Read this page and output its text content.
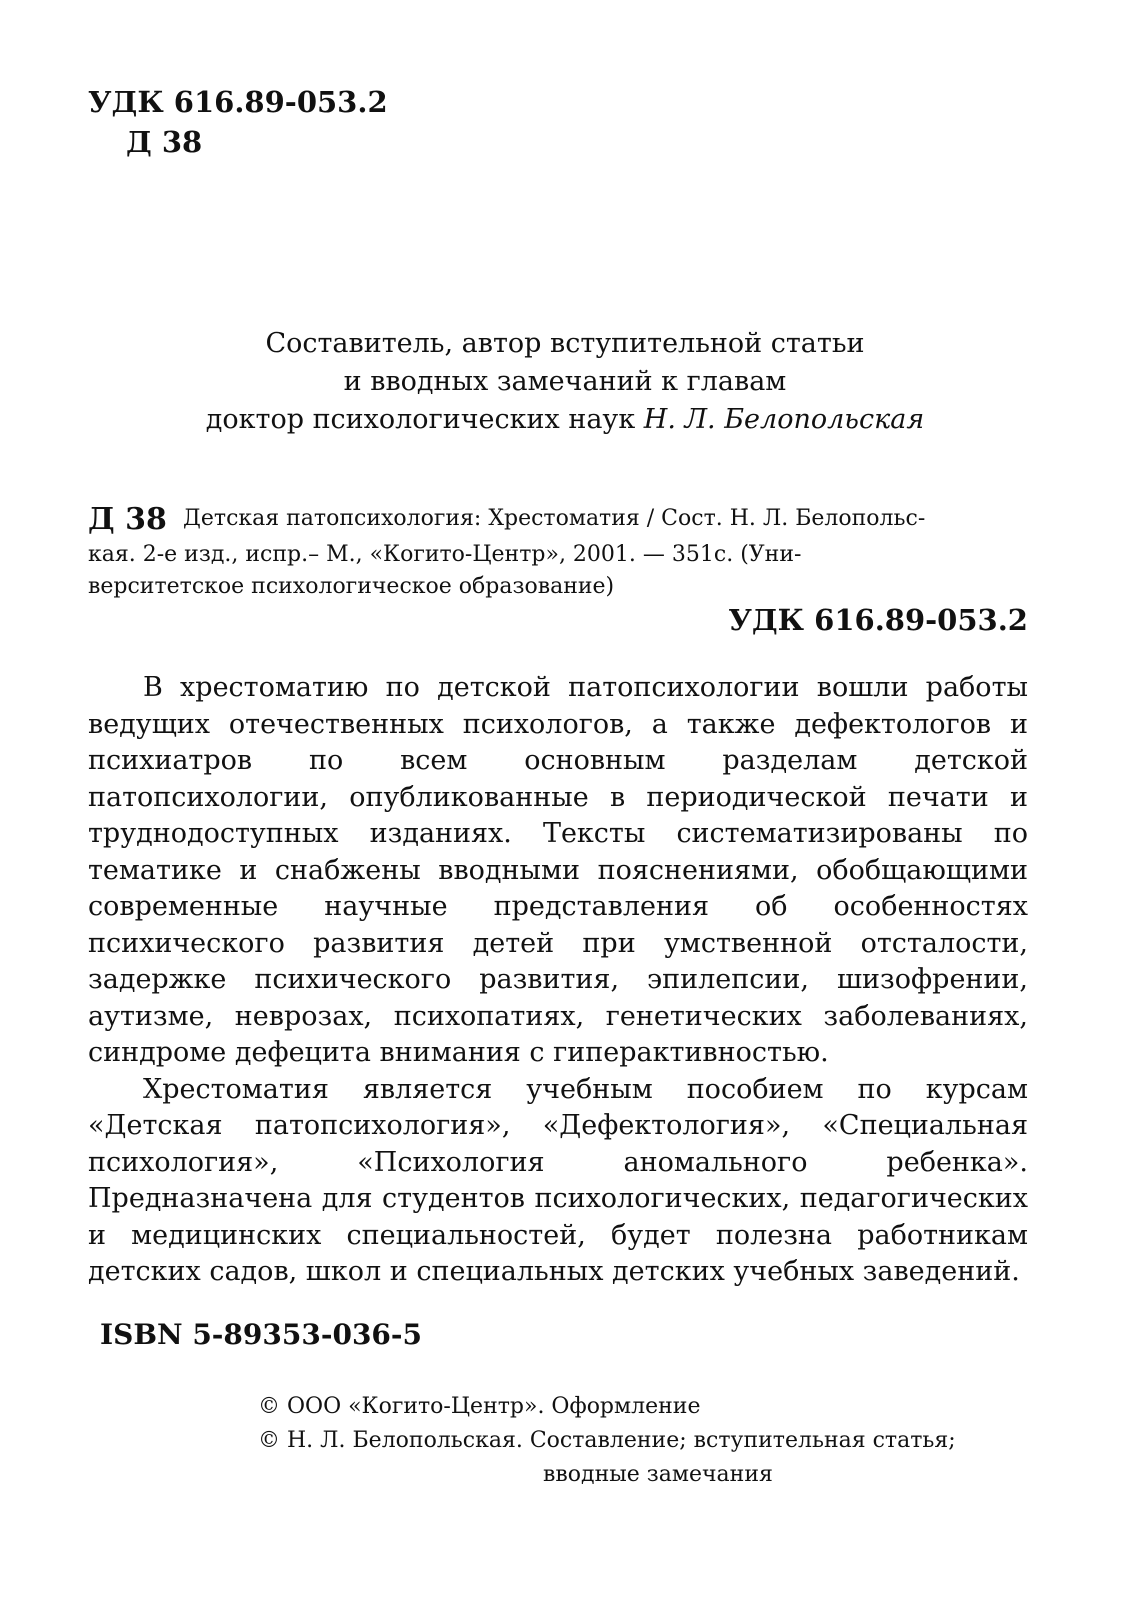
УДК 616.89-053.2
Д 38
Составитель, автор вступительной статьи
и вводных замечаний к главам
доктор психологических наук Н. Л. Белопольская
Д 38 Детская патопсихология: Хрестоматия / Сост. Н. Л. Белопольс-

кая. 2-е изд., испр.– М., «Когито-Центр», 2001. — 351с. (Уни-
верситетское психологическое образование)
УДК 616.89-053.2

В хрестоматию по детской патопсихологии вошли работы ведущих отечественных психологов, а также дефектологов и психиатров по всем основным разделам детской патопсихологии, опубликованные в периодической печати и труднодоступных изданиях. Тексты систематизированы по тематике и снабжены вводными пояснениями, обобщающими современные научные представления об особенностях психического развития детей при умственной отсталости, задержке психического развития, эпилепсии, шизофрении, аутизме, неврозах, психопатиях, генетических заболеваниях, синдроме дефецита внимания с гиперактивностью.

Хрестоматия является учебным пособием по курсам «Детская патопсихология», «Дефектология», «Специальная психология», «Психология аномального ребенка». Предназначена для студентов психологических, педагогических и медицинских специальностей, будет полезна работникам детских садов, школ и специальных детских учебных заведений.

ISBN 5-89353-036-5
© ООО «Когито-Центр». Оформление
© Н. Л. Белопольская. Составление; вступительная статья;
вводные замечания
